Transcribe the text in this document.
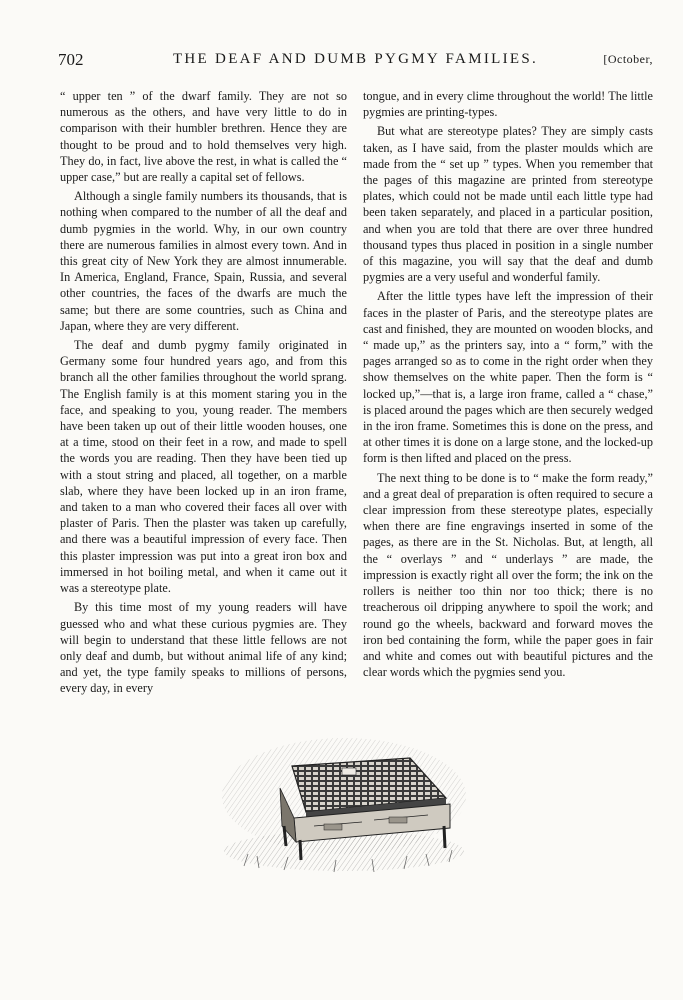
702	THE DEAF AND DUMB PYGMY FAMILIES.	[October,

“ upper ten ” of the dwarf family. They are not so numerous as the others, and have very little to do in comparison with their humbler brethren. Hence they are thought to be proud and to hold themselves very high. They do, in fact, live above the rest, in what is called the “ upper case,” but are really a capital set of fellows.

Although a single family numbers its thousands, that is nothing when compared to the number of all the deaf and dumb pygmies in the world. Why, in our own country there are numerous families in almost every town. And in this great city of New York they are almost innumerable. In America, England, France, Spain, Russia, and several other countries, the faces of the dwarfs are much the same; but there are some countries, such as China and Japan, where they are very different.

The deaf and dumb pygmy family originated in Germany some four hundred years ago, and from this branch all the other families throughout the world sprang. The English family is at this moment staring you in the face, and speaking to you, young reader. The members have been taken up out of their little wooden houses, one at a time, stood on their feet in a row, and made to spell the words you are reading. Then they have been tied up with a stout string and placed, all together, on a marble slab, where they have been locked up in an iron frame, and taken to a man who covered their faces all over with plaster of Paris. Then the plaster was taken up carefully, and there was a beautiful impression of every face. Then this plaster impression was put into a great iron box and immersed in hot boiling metal, and when it came out it was a stereotype plate.

By this time most of my young readers will have guessed who and what these curious pygmies are. They will begin to understand that these little fellows are not only deaf and dumb, but without animal life of any kind; and yet, the type family speaks to millions of persons, every day, in every

tongue, and in every clime throughout the world! The little pygmies are printing-types.

But what are stereotype plates? They are simply casts taken, as I have said, from the plaster moulds which are made from the “ set up ” types. When you remember that the pages of this magazine are printed from stereotype plates, which could not be made until each little type had been taken separately, and placed in a particular position, and when you are told that there are over three hundred thousand types thus placed in position in a single number of this magazine, you will say that the deaf and dumb pygmies are a very useful and wonderful family.

After the little types have left the impression of their faces in the plaster of Paris, and the stereotype plates are cast and finished, they are mounted on wooden blocks, and “ made up,” as the printers say, into a “ form,” with the pages arranged so as to come in the right order when they show themselves on the white paper. Then the form is “ locked up,”—that is, a large iron frame, called a “ chase,” is placed around the pages which are then securely wedged in the iron frame. Sometimes this is done on the press, and at other times it is done on a large stone, and the locked-up form is then lifted and placed on the press.

The next thing to be done is to “ make the form ready,” and a great deal of preparation is often required to secure a clear impression from these stereotype plates, especially when there are fine engravings inserted in some of the pages, as there are in the St. Nicholas. But, at length, all the “ overlays ” and “ underlays ” are made, the impression is exactly right all over the form; the ink on the rollers is neither too thin nor too thick; there is no treacherous oil dripping anywhere to spoil the work; and round go the wheels, backward and forward moves the iron bed containing the form, while the paper goes in fair and white and comes out with beautiful pictures and the clear words which the pygmies send you.
